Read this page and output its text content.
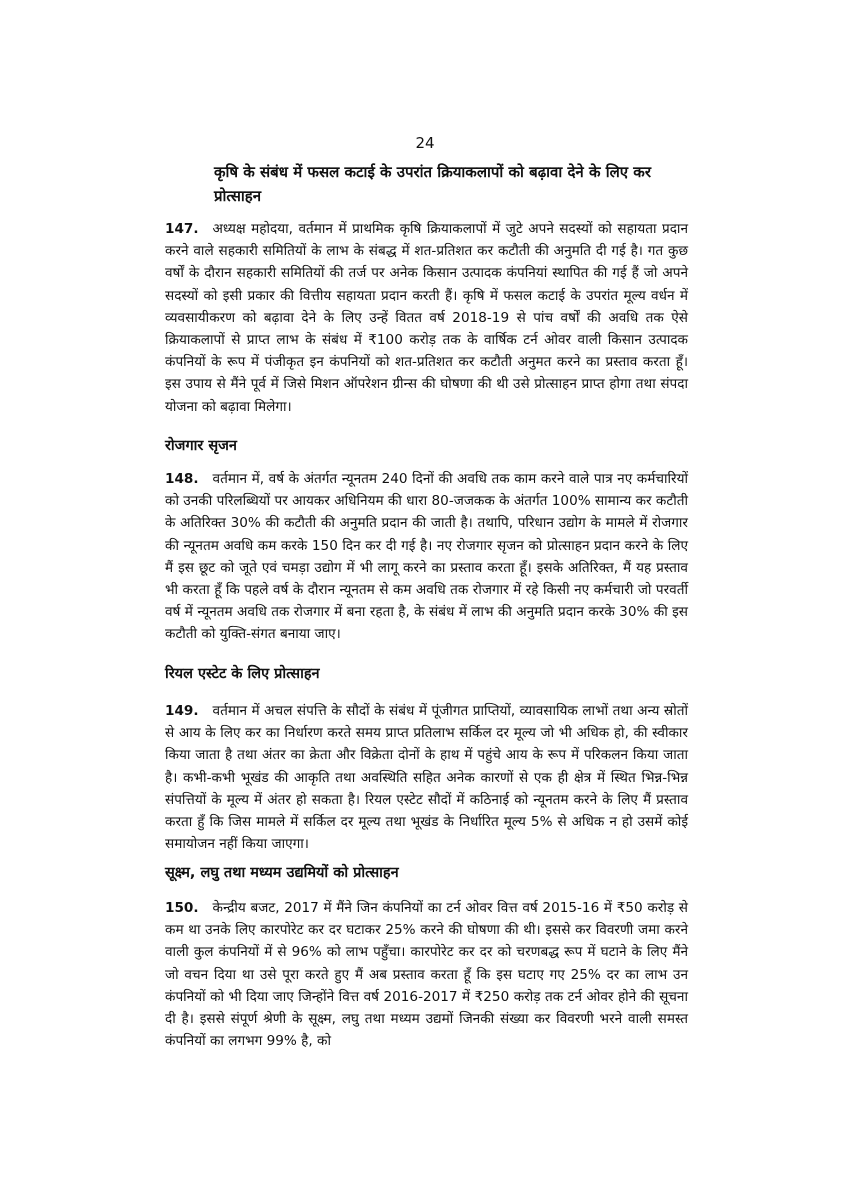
24
कृषि के संबंध में फसल कटाई के उपरांत क्रियाकलापों को बढ़ावा देने के लिए कर प्रोत्साहन
147. अध्यक्ष महोदया, वर्तमान में प्राथमिक कृषि क्रियाकलापों में जुटे अपने सदस्यों को सहायता प्रदान करने वाले सहकारी समितियों के लाभ के संबद्ध में शत-प्रतिशत कर कटौती की अनुमति दी गई है। गत कुछ वर्षों के दौरान सहकारी समितियों की तर्ज पर अनेक किसान उत्पादक कंपनियां स्थापित की गई हैं जो अपने सदस्यों को इसी प्रकार की वित्तीय सहायता प्रदान करती हैं। कृषि में फसल कटाई के उपरांत मूल्य वर्धन में व्यवसायीकरण को बढ़ावा देने के लिए उन्हें वितत वर्ष 2018-19 से पांच वर्षों की अवधि तक ऐसे क्रियाकलापों से प्राप्त लाभ के संबंध में ₹100 करोड़ तक के वार्षिक टर्न ओवर वाली किसान उत्पादक कंपनियों के रूप में पंजीकृत इन कंपनियों को शत-प्रतिशत कर कटौती अनुमत करने का प्रस्ताव करता हूँ। इस उपाय से मैंने पूर्व में जिसे मिशन ऑपरेशन ग्रीन्स की घोषणा की थी उसे प्रोत्साहन प्राप्त होगा तथा संपदा योजना को बढ़ावा मिलेगा।
रोजगार सृजन
148. वर्तमान में, वर्ष के अंतर्गत न्यूनतम 240 दिनों की अवधि तक काम करने वाले पात्र नए कर्मचारियों को उनकी परिलब्धियों पर आयकर अधिनियम की धारा 80-जजकक के अंतर्गत 100% सामान्य कर कटौती के अतिरिक्त 30% की कटौती की अनुमति प्रदान की जाती है। तथापि, परिधान उद्योग के मामले में रोजगार की न्यूनतम अवधि कम करके 150 दिन कर दी गई है। नए रोजगार सृजन को प्रोत्साहन प्रदान करने के लिए मैं इस छूट को जूते एवं चमड़ा उद्योग में भी लागू करने का प्रस्ताव करता हूँ। इसके अतिरिक्त, मैं यह प्रस्ताव भी करता हूँ कि पहले वर्ष के दौरान न्यूनतम से कम अवधि तक रोजगार में रहे किसी नए कर्मचारी जो परवर्ती वर्ष में न्यूनतम अवधि तक रोजगार में बना रहता है, के संबंध में लाभ की अनुमति प्रदान करके 30% की इस कटौती को युक्ति-संगत बनाया जाए।
रियल एस्टेट के लिए प्रोत्साहन
149. वर्तमान में अचल संपत्ति के सौदों के संबंध में पूंजीगत प्राप्तियों, व्यावसायिक लाभों तथा अन्य स्रोतों से आय के लिए कर का निर्धारण करते समय प्राप्त प्रतिलाभ सर्किल दर मूल्य जो भी अधिक हो, की स्वीकार किया जाता है तथा अंतर का क्रेता और विक्रेता दोनों के हाथ में पहुंचे आय के रूप में परिकलन किया जाता है। कभी-कभी भूखंड की आकृति तथा अवस्थिति सहित अनेक कारणों से एक ही क्षेत्र में स्थित भिन्न-भिन्न संपत्तियों के मूल्य में अंतर हो सकता है। रियल एस्टेट सौदों में कठिनाई को न्यूनतम करने के लिए मैं प्रस्ताव करता हुँ कि जिस मामले में सर्किल दर मूल्य तथा भूखंड के निर्धारित मूल्य 5% से अधिक न हो उसमें कोई समायोजन नहीं किया जाएगा।
सूक्ष्म, लघु तथा मध्यम उद्यमियों को प्रोत्साहन
150. केन्द्रीय बजट, 2017 में मैंने जिन कंपनियों का टर्न ओवर वित्त वर्ष 2015-16 में ₹50 करोड़ से कम था उनके लिए कारपोरेट कर दर घटाकर 25% करने की घोषणा की थी। इससे कर विवरणी जमा करने वाली कुल कंपनियों में से 96% को लाभ पहुँचा। कारपोरेट कर दर को चरणबद्ध रूप में घटाने के लिए मैंने जो वचन दिया था उसे पूरा करते हुए मैं अब प्रस्ताव करता हूँ कि इस घटाए गए 25% दर का लाभ उन कंपनियों को भी दिया जाए जिन्होंने वित्त वर्ष 2016-2017 में ₹250 करोड़ तक टर्न ओवर होने की सूचना दी है। इससे संपूर्ण श्रेणी के सूक्ष्म, लघु तथा मध्यम उद्यमों जिनकी संख्या कर विवरणी भरने वाली समस्त कंपनियों का लगभग 99% है, को
